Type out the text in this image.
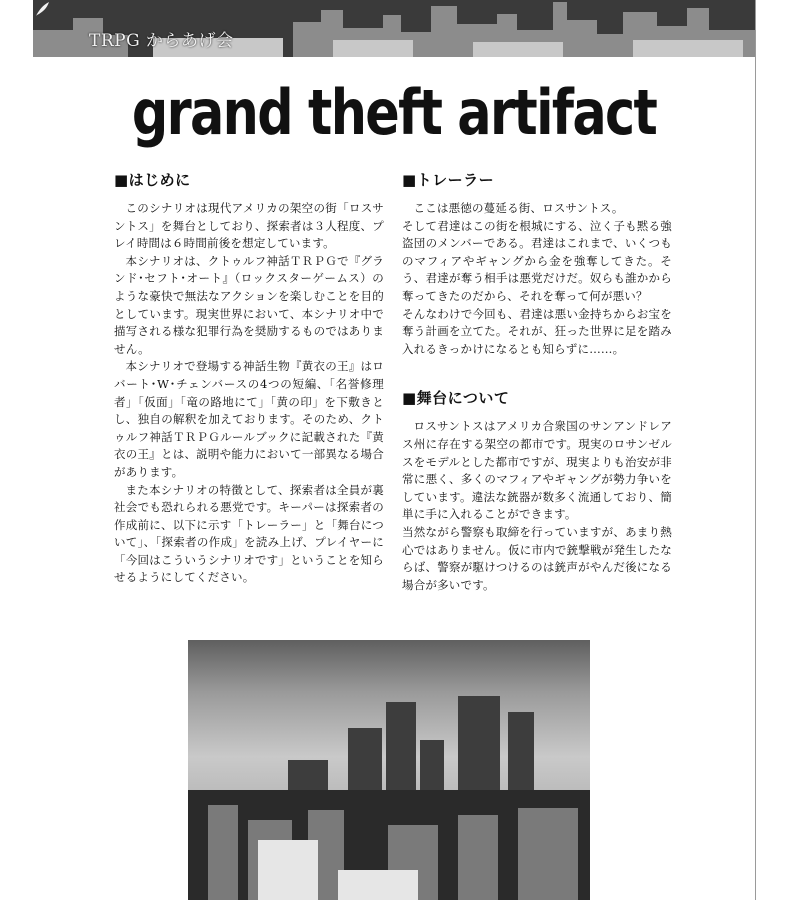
TRPG からあげ会
grand theft artifact
■はじめに

このシナリオは現代アメリカの架空の街「ロスサントス」を舞台としており、探索者は３人程度、プレイ時間は６時間前後を想定しています。

本シナリオは、クトゥルフ神話ＴＲＰＧで『グランド･セフト･オート』（ロックスターゲームス）のような豪快で無法なアクションを楽しむことを目的としています。現実世界において、本シナリオ中で描写される様な犯罪行為を奨励するものではありません。

本シナリオで登場する神話生物『黄衣の王』はロバート･W･チェンバースの4つの短編、「名誉修理者」「仮面」「竜の路地にて」「黄の印」を下敷きとし、独自の解釈を加えております。そのため、クトゥルフ神話ＴＲＰＧルールブックに記載された『黄衣の王』とは、説明や能力において一部異なる場合があります。

また本シナリオの特徴として、探索者は全員が裏社会でも恐れられる悪党です。キーパーは探索者の作成前に、以下に示す「トレーラー」と「舞台について」、「探索者の作成」を読み上げ、プレイヤーに「今回はこういうシナリオです」ということを知らせるようにしてください。

■トレーラー

ここは悪徳の蔓延る街、ロスサントス。

そして君達はこの街を根城にする、泣く子も黙る強盗団のメンバーである。君達はこれまで、いくつものマフィアやギャングから金を強奪してきた。そう、君達が奪う相手は悪党だけだ。奴らも誰かから奪ってきたのだから、それを奪って何が悪い？

そんなわけで今回も、君達は悪い金持ちからお宝を奪う計画を立てた。それが、狂った世界に足を踏み入れるきっかけになるとも知らずに……。

■舞台について

ロスサントスはアメリカ合衆国のサンアンドレアス州に存在する架空の都市です。現実のロサンゼルスをモデルとした都市ですが、現実よりも治安が非常に悪く、多くのマフィアやギャングが勢力争いをしています。違法な銃器が数多く流通しており、簡単に手に入れることができます。

当然ながら警察も取締を行っていますが、あまり熱心ではありません。仮に市内で銃撃戦が発生したならば、警察が駆けつけるのは銃声がやんだ後になる場合が多いです。
